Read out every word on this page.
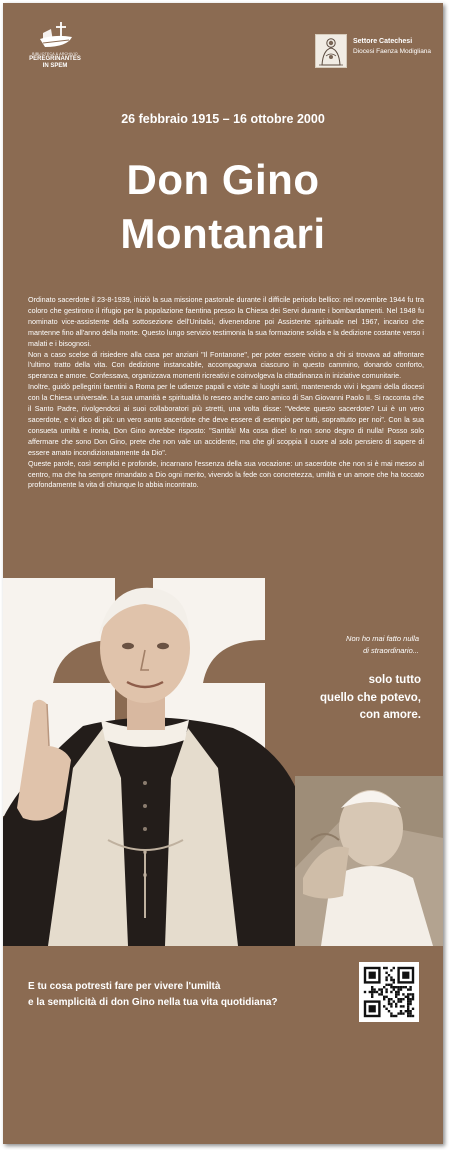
BIBLIOTECA & ARCHIVIO
PEREGRINANTES
IN SPEM
Settore Catechesi
Diocesi Faenza Modigliana
26 febbraio 1915 – 16 ottobre 2000
Don Gino
Montanari

Ordinato sacerdote il 23-8-1939, iniziò la sua missione pastorale durante il difficile periodo bellico: nel novembre 1944 fu tra coloro che gestirono il rifugio per la popolazione faentina presso la Chiesa dei Servi durante i bombardamenti. Nel 1948 fu nominato vice-assistente della sottosezione dell'Unitalsi, divenendone poi Assistente spirituale nel 1967, incarico che mantenne fino all'anno della morte. Questo lungo servizio testimonia la sua formazione solida e la dedizione costante verso i malati e i bisognosi.

Non a caso scelse di risiedere alla casa per anziani "Il Fontanone", per poter essere vicino a chi si trovava ad affrontare l'ultimo tratto della vita. Con dedizione instancabile, accompagnava ciascuno in questo cammino, donando conforto, speranza e amore. Confessava, organizzava momenti ricreativi e coinvolgeva la cittadinanza in iniziative comunitarie.

Inoltre, guidò pellegrini faentini a Roma per le udienze papali e visite ai luoghi santi, mantenendo vivi i legami della diocesi con la Chiesa universale. La sua umanità e spiritualità lo resero anche caro amico di San Giovanni Paolo II. Si racconta che il Santo Padre, rivolgendosi ai suoi collaboratori più stretti, una volta disse: "Vedete questo sacerdote? Lui è un vero sacerdote, e vi dico di più: un vero santo sacerdote che deve essere di esempio per tutti, soprattutto per noi". Con la sua consueta umiltà e ironia, Don Gino avrebbe risposto: "Santità! Ma cosa dice! Io non sono degno di nulla! Posso solo affermare che sono Don Gino, prete che non vale un accidente, ma che gli scoppia il cuore al solo pensiero di sapere di essere amato incondizionatamente da Dio".

Queste parole, così semplici e profonde, incarnano l'essenza della sua vocazione: un sacerdote che non si è mai messo al centro, ma che ha sempre rimandato a Dio ogni merito, vivendo la fede con concretezza, umiltà e un amore che ha toccato profondamente la vita di chiunque lo abbia incontrato.

Non ho mai fatto nulla
di straordinario...
solo tutto
quello che potevo,
con amore.
E tu cosa potresti fare per vivere l'umiltà
e la semplicità di don Gino nella tua vita quotidiana?
